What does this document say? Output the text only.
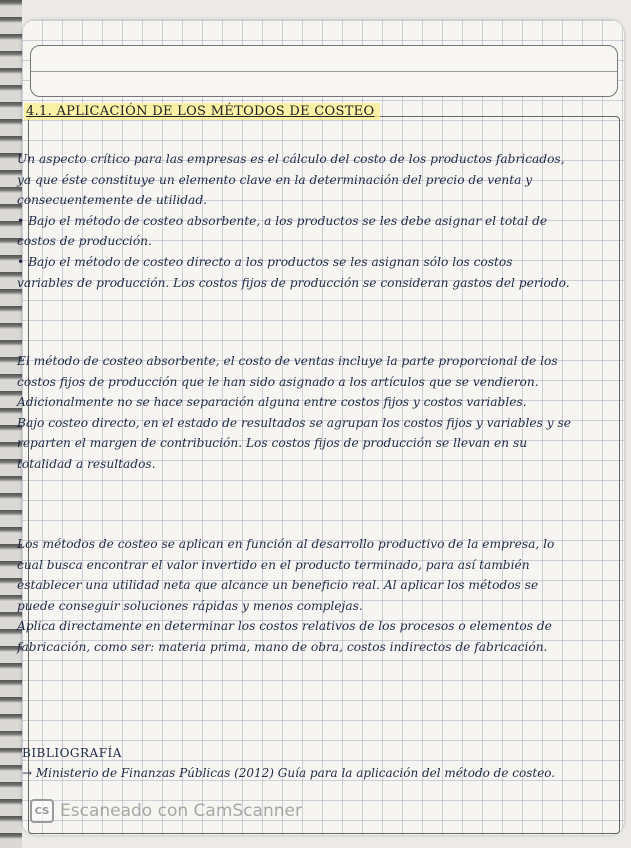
4.1. APLICACIÓN DE LOS MÉTODOS DE COSTEO

Un aspecto crítico para las empresas es el cálculo del costo de los productos fabricados, ya que éste constituye un elemento clave en la determinación del precio de venta y consecuentemente de utilidad.

• Bajo el método de costeo absorbente, a los productos se les debe asignar el total de costos de producción.

• Bajo el método de costeo directo a los productos se les asignan sólo los costos variables de producción. Los costos fijos de producción se consideran gastos del periodo.

El método de costeo absorbente, el costo de ventas incluye la parte proporcional de los costos fijos de producción que le han sido asignado a los artículos que se vendieron. Adicionalmente no se hace separación alguna entre costos fijos y costos variables.

Bajo costeo directo, en el estado de resultados se agrupan los costos fijos y variables y se reparten el margen de contribución. Los costos fijos de producción se llevan en su totalidad a resultados.

Los métodos de costeo se aplican en función al desarrollo productivo de la empresa, lo cual busca encontrar el valor invertido en el producto terminado, para así también establecer una utilidad neta que alcance un beneficio real. Al aplicar los métodos se puede conseguir soluciones rápidas y menos complejas.

Aplica directamente en determinar los costos relativos de los procesos o elementos de fabricación, como ser: materia prima, mano de obra, costos indirectos de fabricación.

BIBLIOGRAFÍA
→ Ministerio de Finanzas Públicas (2012) Guía para la aplicación del método de costeo.
CS Escaneado con CamScanner
